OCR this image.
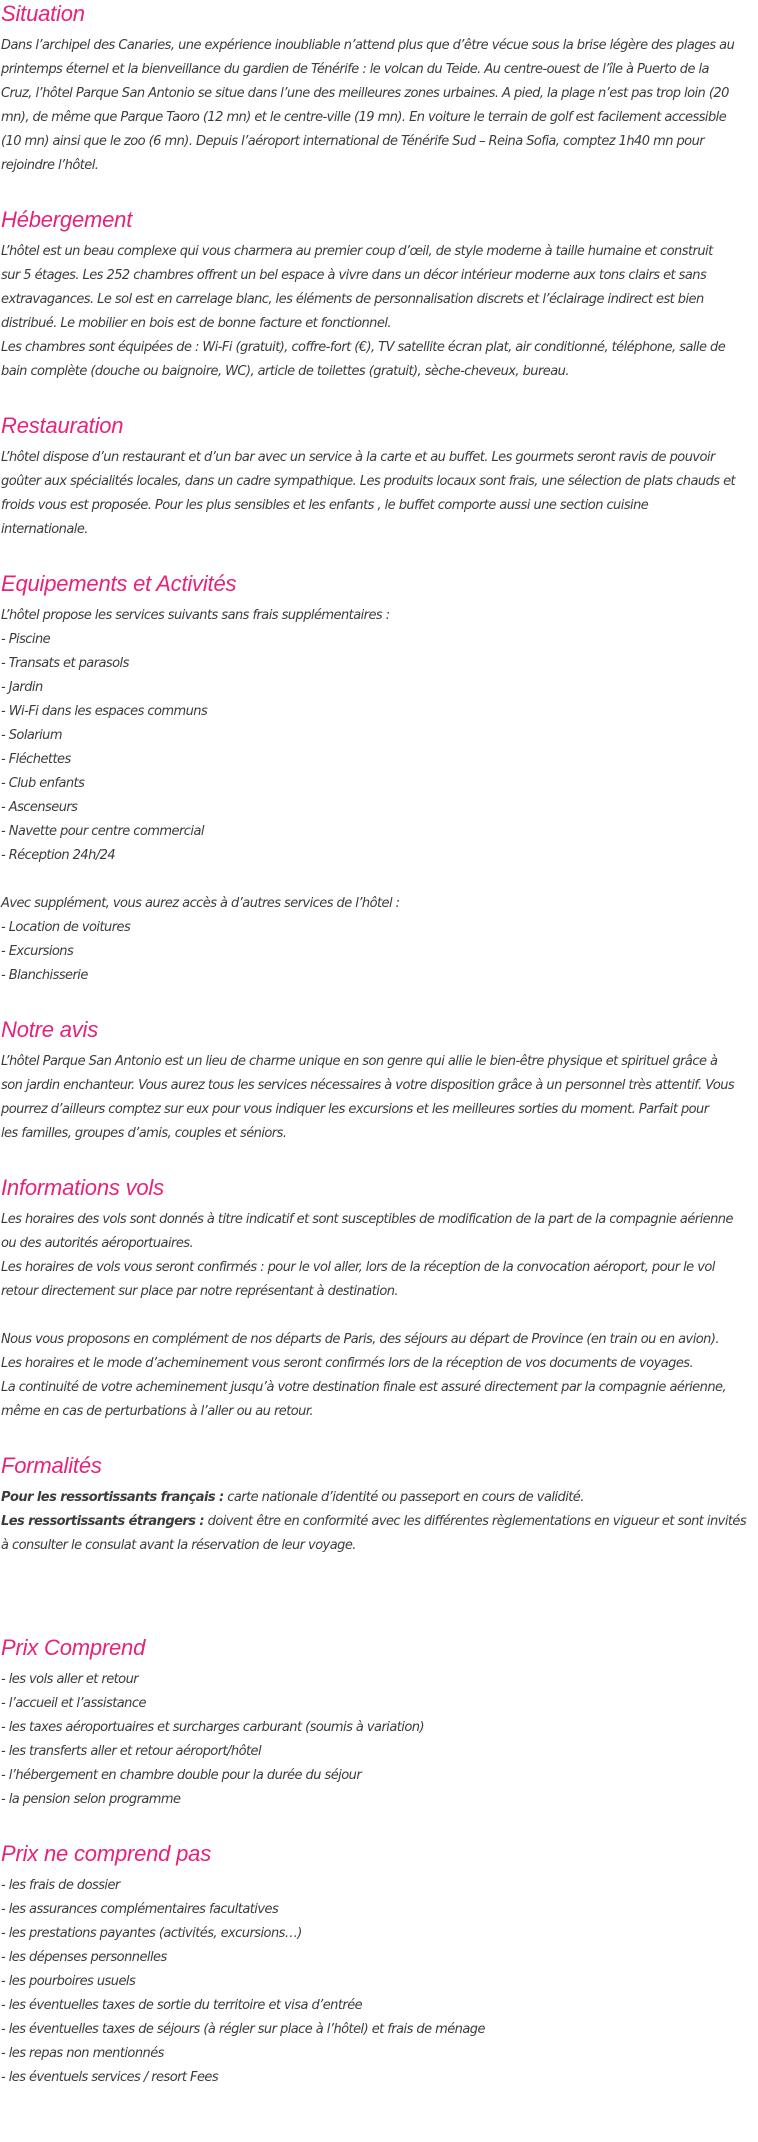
Situation
Dans l’archipel des Canaries, une expérience inoubliable n’attend plus que d’être vécue sous la brise légère des plages au
printemps éternel et la bienveillance du gardien de Ténérife : le volcan du Teide. Au centre-ouest de l’île à Puerto de la
Cruz, l’hôtel Parque San Antonio se situe dans l’une des meilleures zones urbaines. A pied, la plage n’est pas trop loin (20
mn), de même que Parque Taoro (12 mn) et le centre-ville (19 mn). En voiture le terrain de golf est facilement accessible
(10 mn) ainsi que le zoo (6 mn). Depuis l’aéroport international de Ténérife Sud – Reina Sofia, comptez 1h40 mn pour
rejoindre l’hôtel.
Hébergement
L’hôtel est un beau complexe qui vous charmera au premier coup d’œil, de style moderne à taille humaine et construit
sur 5 étages. Les 252 chambres offrent un bel espace à vivre dans un décor intérieur moderne aux tons clairs et sans
extravagances. Le sol est en carrelage blanc, les éléments de personnalisation discrets et l’éclairage indirect est bien
distribué. Le mobilier en bois est de bonne facture et fonctionnel.
Les chambres sont équipées de : Wi-Fi (gratuit), coffre-fort (€), TV satellite écran plat, air conditionné, téléphone, salle de
bain complète (douche ou baignoire, WC), article de toilettes (gratuit), sèche-cheveux, bureau.
Restauration
L’hôtel dispose d’un restaurant et d’un bar avec un service à la carte et au buffet. Les gourmets seront ravis de pouvoir
goûter aux spécialités locales, dans un cadre sympathique. Les produits locaux sont frais, une sélection de plats chauds et
froids vous est proposée. Pour les plus sensibles et les enfants , le buffet comporte aussi une section cuisine
internationale.
Equipements et Activités
L’hôtel propose les services suivants sans frais supplémentaires :
- Piscine
- Transats et parasols
- Jardin
- Wi-Fi dans les espaces communs
- Solarium
- Fléchettes
- Club enfants
- Ascenseurs
- Navette pour centre commercial
- Réception 24h/24
Avec supplément, vous aurez accès à d’autres services de l’hôtel :
- Location de voitures
- Excursions
- Blanchisserie
Notre avis
L’hôtel Parque San Antonio est un lieu de charme unique en son genre qui allie le bien-être physique et spirituel grâce à
son jardin enchanteur. Vous aurez tous les services nécessaires à votre disposition grâce à un personnel très attentif. Vous
pourrez d’ailleurs comptez sur eux pour vous indiquer les excursions et les meilleures sorties du moment. Parfait pour
les familles, groupes d’amis, couples et séniors.
Informations vols
Les horaires des vols sont donnés à titre indicatif et sont susceptibles de modification de la part de la compagnie aérienne
ou des autorités aéroportuaires.
Les horaires de vols vous seront confirmés : pour le vol aller, lors de la réception de la convocation aéroport, pour le vol
retour directement sur place par notre représentant à destination.
Nous vous proposons en complément de nos départs de Paris, des séjours au départ de Province (en train ou en avion).
Les horaires et le mode d’acheminement vous seront confirmés lors de la réception de vos documents de voyages.
La continuité de votre acheminement jusqu’à votre destination finale est assuré directement par la compagnie aérienne,
même en cas de perturbations à l’aller ou au retour.
Formalités
Pour les ressortissants français : carte nationale d’identité ou passeport en cours de validité.
Les ressortissants étrangers : doivent être en conformité avec les différentes règlementations en vigueur et sont invités
à consulter le consulat avant la réservation de leur voyage.
Prix Comprend
- les vols aller et retour
- l’accueil et l’assistance
- les taxes aéroportuaires et surcharges carburant (soumis à variation)
- les transferts aller et retour aéroport/hôtel
- l’hébergement en chambre double pour la durée du séjour
- la pension selon programme
Prix ne comprend pas
- les frais de dossier
- les assurances complémentaires facultatives
- les prestations payantes (activités, excursions…)
- les dépenses personnelles
- les pourboires usuels
- les éventuelles taxes de sortie du territoire et visa d’entrée
- les éventuelles taxes de séjours (à régler sur place à l’hôtel) et frais de ménage
- les repas non mentionnés
- les éventuels services / resort Fees
